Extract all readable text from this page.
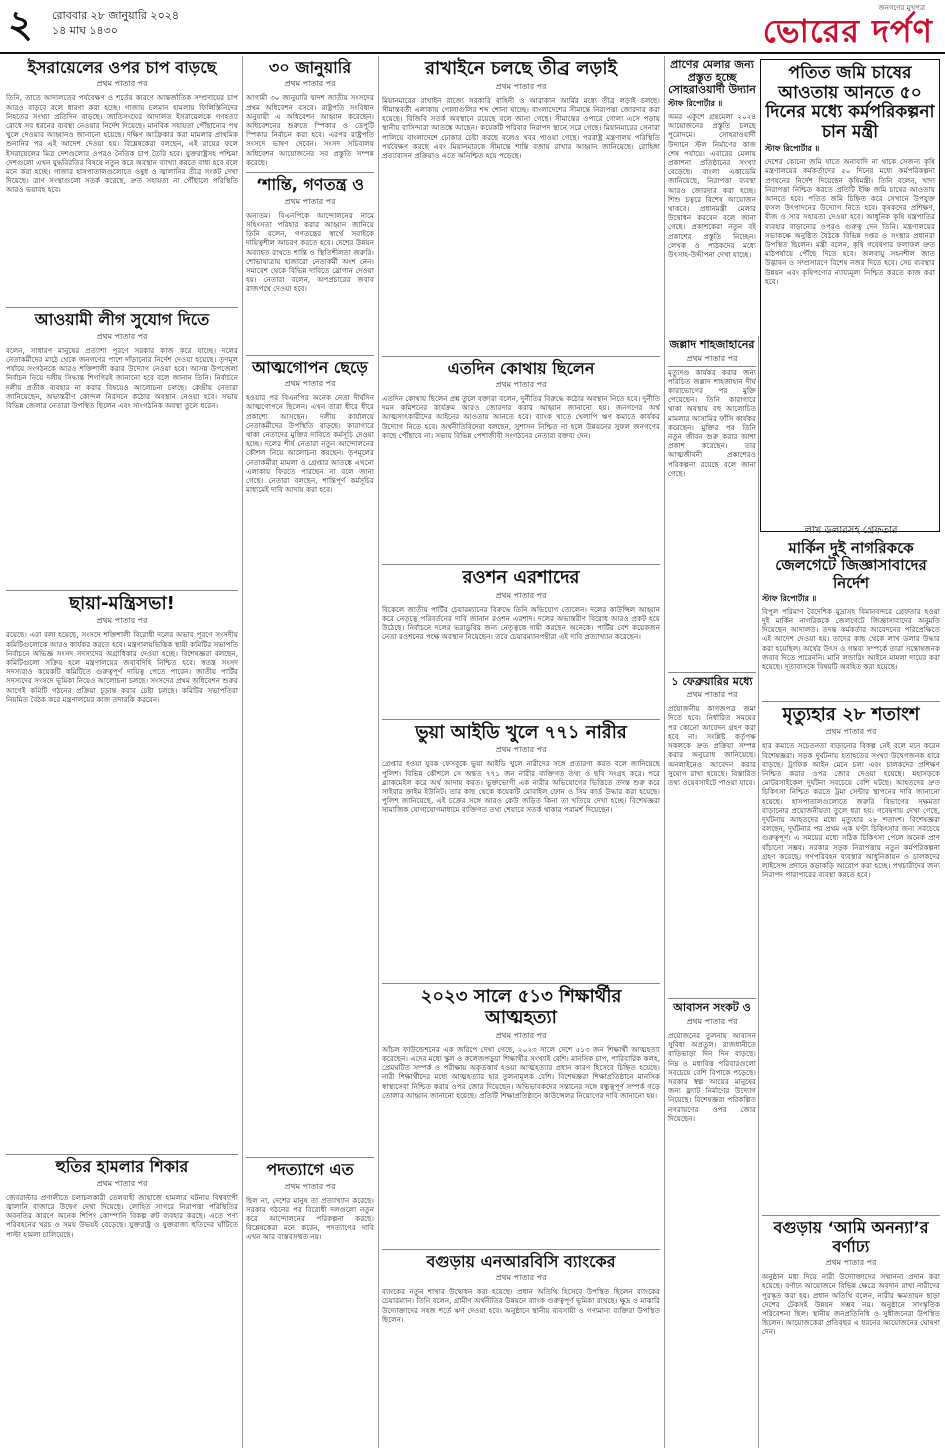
২	রোববার ২৮ জানুয়ারি ২০২৪
১৪ মাঘ ১৪৩০
জনগণের মুখপত্র
ভোরের দর্পণ
ইসরায়েলের ওপর চাপ বাড়ছে
প্রথম পাতার পর

তিনি, তাতে আদালতের পর্যবেক্ষণ ও শর্তের কারণে আন্তর্জাতিক সম্প্রদায়ের চাপ আরও বাড়বে বলে ধারণা করা হচ্ছে। গাজায় চলমান হামলায় ফিলিস্তিনিদের নিহতের সংখ্যা প্রতিদিন বাড়ছে। জাতিসংঘের আদালত ইসরায়েলকে গণহত্যা রোধে সব ধরনের ব্যবস্থা নেওয়ার নির্দেশ দিয়েছে। মানবিক সহায়তা পৌঁছানোর পথ খুলে দেওয়ার আহ্বানও জানানো হয়েছে। দক্ষিণ আফ্রিকার করা মামলার প্রাথমিক শুনানির পর এই আদেশ দেওয়া হয়। বিশ্লেষকেরা বলছেন, এই রায়ের ফলে ইসরায়েলের মিত্র দেশগুলোর ওপরও নৈতিক চাপ তৈরি হবে। যুক্তরাষ্ট্রসহ পশ্চিমা দেশগুলো এখন যুদ্ধবিরতির বিষয়ে নতুন করে অবস্থান ব্যাখ্যা করতে বাধ্য হবে বলে মনে করা হচ্ছে। গাজার হাসপাতালগুলোতে ওষুধ ও জ্বালানির তীব্র সংকট দেখা দিয়েছে। ত্রাণ সংস্থাগুলো সতর্ক করেছে, দ্রুত সহায়তা না পৌঁছালে পরিস্থিতি আরও ভয়াবহ হবে।

আওয়ামী লীগ সুযোগ দিতে
প্রথম পাতার পর

বলেন, সাধারণ মানুষের প্রত্যাশা পূরণে সরকার কাজ করে যাচ্ছে। দলের নেতাকর্মীদের মাঠে থেকে জনগণের পাশে দাঁড়ানোর নির্দেশ দেওয়া হয়েছে। তৃণমূল পর্যায়ে সংগঠনকে আরও শক্তিশালী করার উদ্যোগ নেওয়া হবে। আসন্ন উপজেলা নির্বাচন নিয়ে দলীয় সিদ্ধান্ত শিগগিরই জানানো হবে বলে জানান তিনি। নির্বাচনে দলীয় প্রতীক ব্যবহার না করার বিষয়েও আলোচনা চলছে। কেন্দ্রীয় নেতারা জানিয়েছেন, অভ্যন্তরীণ কোন্দল নিরসনে কঠোর অবস্থান নেওয়া হবে। সভায় বিভিন্ন জেলার নেতারা উপস্থিত ছিলেন এবং সাংগঠনিক অবস্থা তুলে ধরেন।

ছায়া-মন্ত্রিসভা!
প্রথম পাতার পর

রয়েছে। এরা বলা হয়েছে, সংসদে শক্তিশালী বিরোধী দলের অভাব পূরণে সংসদীয় কমিটিগুলোকে আরও কার্যকর করতে হবে। মন্ত্রণালয়ভিত্তিক স্থায়ী কমিটির সভাপতি নির্বাচনে অভিজ্ঞ সংসদ সদস্যদের অগ্রাধিকার দেওয়া হচ্ছে। বিশেষজ্ঞরা বলছেন, কমিটিগুলো সক্রিয় হলে মন্ত্রণালয়ের জবাবদিহি নিশ্চিত হবে। স্বতন্ত্র সংসদ সদস্যরাও কয়েকটি কমিটিতে গুরুত্বপূর্ণ দায়িত্ব পেতে পারেন। জাতীয় পার্টির সদস্যদের সংসদে ভূমিকা নিয়েও আলোচনা চলছে। সংসদের প্রথম অধিবেশন শুরুর আগেই কমিটি গঠনের প্রক্রিয়া চূড়ান্ত করার চেষ্টা চলছে। কমিটির সভাপতিরা নিয়মিত বৈঠক করে মন্ত্রণালয়ের কাজ তদারকি করবেন।

হুতির হামলার শিকার
প্রথম পাতার পর

জেবরাল্টার প্রণালীতে চলাচলকারী তেলবাহী জাহাজে হামলার ঘটনায় বিশ্বব্যাপী জ্বালানি বাজারে উদ্বেগ দেখা দিয়েছে। লোহিত সাগরে নিরাপত্তা পরিস্থিতির অবনতির কারণে অনেক শিপিং কোম্পানি বিকল্প রুট ব্যবহার করছে। এতে পণ্য পরিবহনের খরচ ও সময় উভয়ই বেড়েছে। যুক্তরাষ্ট্র ও যুক্তরাজ্য হুতিদের ঘাঁটিতে পাল্টা হামলা চালিয়েছে।

৩০ জানুয়ারি
প্রথম পাতার পর

আগামী ৩০ জানুয়ারি দ্বাদশ জাতীয় সংসদের প্রথম অধিবেশন বসবে। রাষ্ট্রপতি সংবিধান অনুযায়ী এ অধিবেশন আহ্বান করেছেন। অধিবেশনের শুরুতে স্পিকার ও ডেপুটি স্পিকার নির্বাচন করা হবে। এরপর রাষ্ট্রপতি সংসদে ভাষণ দেবেন। সংসদ সচিবালয় অধিবেশন আয়োজনের সব প্রস্তুতি সম্পন্ন করেছে।

‘শান্তি, গণতন্ত্র ও
প্রথম পাতার পর

অন্যতম। বিএনপিকে আন্দোলনের নামে সহিংসতা পরিহার করার আহ্বান জানিয়ে তিনি বলেন, গণতন্ত্রের স্বার্থে সবাইকে দায়িত্বশীল আচরণ করতে হবে। দেশের উন্নয়ন অব্যাহত রাখতে শান্তি ও স্থিতিশীলতা জরুরি। শোভাযাত্রায় হাজারো নেতাকর্মী অংশ নেন। সমাবেশ থেকে বিভিন্ন দাবিতে স্লোগান দেওয়া হয়। নেতারা বলেন, অপপ্রচারের জবাব রাজপথে দেওয়া হবে।

আত্মগোপন ছেড়ে
প্রথম পাতার পর

হওয়ার পর বিএনপির অনেক নেতা দীর্ঘদিন আত্মগোপনে ছিলেন। এখন তারা ধীরে ধীরে প্রকাশ্যে আসছেন। দলীয় কার্যালয়ে নেতাকর্মীদের উপস্থিতি বাড়ছে। কারাগারে থাকা নেতাদের মুক্তির দাবিতে কর্মসূচি দেওয়া হচ্ছে। দলের শীর্ষ নেতারা নতুন আন্দোলনের কৌশল নিয়ে আলোচনা করছেন। তৃণমূলের নেতাকর্মীরা মামলা ও গ্রেপ্তার আতঙ্কে এখনো এলাকায় ফিরতে পারছেন না বলে জানা গেছে। নেতারা বলছেন, শান্তিপূর্ণ কর্মসূচির মাধ্যমেই দাবি আদায় করা হবে।

পদত্যাগে এত
প্রথম পাতার পর

ছিল না, দেশের মানুষ তা প্রত্যাখ্যান করেছে। সরকার গঠনের পর বিরোধী দলগুলো নতুন করে আন্দোলনের পরিকল্পনা করছে। বিশ্লেষকেরা মনে করেন, পদত্যাগের দাবি এখন আর বাস্তবসম্মত নয়।

রাখাইনে চলছে তীব্র লড়াই
প্রথম পাতার পর

মিয়ানমারের রাখাইন রাজ্যে সরকারি বাহিনী ও আরাকান আর্মির মধ্যে তীব্র লড়াই চলছে। সীমান্তবর্তী এলাকায় গোলাগুলির শব্দ শোনা যাচ্ছে। বাংলাদেশের সীমান্তে নিরাপত্তা জোরদার করা হয়েছে। বিজিবি সতর্ক অবস্থানে রয়েছে বলে জানা গেছে। সীমান্তের ওপারে গোলা এসে পড়ায় স্থানীয় বাসিন্দারা আতঙ্কে আছেন। কয়েকটি পরিবার নিরাপদ স্থানে সরে গেছে। মিয়ানমারের সেনারা পালিয়ে বাংলাদেশে ঢোকার চেষ্টা করছে বলেও খবর পাওয়া গেছে। পররাষ্ট্র মন্ত্রণালয় পরিস্থিতি পর্যবেক্ষণ করছে এবং মিয়ানমারকে সীমান্তে শান্তি বজায় রাখার আহ্বান জানিয়েছে। রোহিঙ্গা প্রত্যাবাসন প্রক্রিয়াও এতে অনিশ্চিত হয়ে পড়েছে।

এতদিন কোথায় ছিলেন
প্রথম পাতার পর

এতদিন কোথায় ছিলেন প্রশ্ন তুলে বক্তারা বলেন, দুর্নীতির বিরুদ্ধে কঠোর অবস্থান নিতে হবে। দুর্নীতি দমন কমিশনের কার্যক্রম আরও জোরদার করার আহ্বান জানানো হয়। জনগণের অর্থ আত্মসাৎকারীদের আইনের আওতায় আনতে হবে। ব্যাংক খাতে খেলাপি ঋণ কমাতে কার্যকর উদ্যোগ নিতে হবে। অর্থনীতিবিদেরা বলছেন, সুশাসন নিশ্চিত না হলে উন্নয়নের সুফল জনগণের কাছে পৌঁছাবে না। সভায় বিভিন্ন পেশাজীবী সংগঠনের নেতারা বক্তব্য দেন।

রওশন এরশাদের
প্রথম পাতার পর

বিকেলে জাতীয় পার্টির চেয়ারম্যানের বিরুদ্ধে তিনি অভিযোগ তোলেন। দলের কাউন্সিল আহ্বান করে নেতৃত্বে পরিবর্তনের দাবি জানান রওশন এরশাদ। দলের অভ্যন্তরীণ বিরোধ আরও প্রকট হয়ে উঠেছে। নির্বাচনে দলের ভরাডুবির জন্য নেতৃত্বকে দায়ী করছেন অনেকে। পার্টির বেশ কয়েকজন নেতা রওশনের পক্ষে অবস্থান নিয়েছেন। তবে চেয়ারম্যানপন্থীরা এই দাবি প্রত্যাখ্যান করেছেন।

ভুয়া আইডি খুলে ৭৭১ নারীর
প্রথম পাতার পর

গ্রেপ্তার হওয়া যুবক ফেসবুকে ভুয়া আইডি খুলে নারীদের সঙ্গে প্রতারণা করত বলে জানিয়েছে পুলিশ। বিভিন্ন কৌশলে সে অন্তত ৭৭১ জন নারীর ব্যক্তিগত তথ্য ও ছবি সংগ্রহ করে। পরে ব্ল্যাকমেইল করে অর্থ আদায় করত। ভুক্তভোগী এক নারীর অভিযোগের ভিত্তিতে তদন্ত শুরু করে সাইবার ক্রাইম ইউনিট। তার কাছ থেকে কয়েকটি মোবাইল ফোন ও সিম কার্ড উদ্ধার করা হয়েছে। পুলিশ জানিয়েছে, এই চক্রের সঙ্গে আরও কেউ জড়িত কিনা তা খতিয়ে দেখা হচ্ছে। বিশেষজ্ঞরা সামাজিক যোগাযোগমাধ্যমে ব্যক্তিগত তথ্য শেয়ারে সতর্ক থাকার পরামর্শ দিয়েছেন।

২০২৩ সালে ৫১৩ শিক্ষার্থীর আত্মহত্যা
প্রথম পাতার পর

আঁচল ফাউন্ডেশনের এক জরিপে দেখা গেছে, ২০২৩ সালে দেশে ৫১৩ জন শিক্ষার্থী আত্মহত্যা করেছেন। এদের মধ্যে স্কুল ও কলেজপড়ুয়া শিক্ষার্থীর সংখ্যাই বেশি। মানসিক চাপ, পারিবারিক কলহ, প্রেমঘটিত সম্পর্ক ও পরীক্ষায় অকৃতকার্য হওয়া আত্মহত্যার প্রধান কারণ হিসেবে চিহ্নিত হয়েছে। নারী শিক্ষার্থীদের মধ্যে আত্মহত্যার হার তুলনামূলক বেশি। বিশেষজ্ঞরা শিক্ষাপ্রতিষ্ঠানে মানসিক স্বাস্থ্যসেবা নিশ্চিত করার ওপর জোর দিয়েছেন। অভিভাবকদের সন্তানের সঙ্গে বন্ধুত্বপূর্ণ সম্পর্ক গড়ে তোলার আহ্বান জানানো হয়েছে। প্রতিটি শিক্ষাপ্রতিষ্ঠানে কাউন্সেলর নিয়োগের দাবি জানানো হয়।

বগুড়ায় এনআরবিসি ব্যাংকের
প্রথম পাতার পর

ব্যাংকের নতুন শাখার উদ্বোধন করা হয়েছে। প্রধান অতিথি হিসেবে উপস্থিত ছিলেন ব্যাংকের চেয়ারম্যান। তিনি বলেন, গ্রামীণ অর্থনীতির উন্নয়নে ব্যাংক গুরুত্বপূর্ণ ভূমিকা রাখছে। ক্ষুদ্র ও মাঝারি উদ্যোক্তাদের সহজ শর্তে ঋণ দেওয়া হবে। অনুষ্ঠানে স্থানীয় ব্যবসায়ী ও গণ্যমান্য ব্যক্তিরা উপস্থিত ছিলেন।

প্রাণের মেলার জন্য প্রস্তুত হচ্ছে সোহরাওয়ার্দী উদ্যান
স্টাফ রিপোর্টার ॥

অমর একুশে গ্রন্থমেলা ২০২৪ আয়োজনের প্রস্তুতি চলছে পুরোদমে। সোহরাওয়ার্দী উদ্যানে স্টল নির্মাণের কাজ শেষ পর্যায়ে। এবারের মেলায় প্রকাশনা প্রতিষ্ঠানের সংখ্যা বেড়েছে। বাংলা একাডেমি জানিয়েছে, নিরাপত্তা ব্যবস্থা আরও জোরদার করা হচ্ছে। শিশু চত্বরে বিশেষ আয়োজন থাকবে। প্রধানমন্ত্রী মেলার উদ্বোধন করবেন বলে জানা গেছে। প্রকাশকেরা নতুন বই প্রকাশের প্রস্তুতি নিচ্ছেন। লেখক ও পাঠকদের মধ্যে উৎসাহ-উদ্দীপনা দেখা যাচ্ছে।

পতিত জমি চাষের আওতায় আনতে ৫০ দিনের মধ্যে কর্মপরিকল্পনা চান মন্ত্রী
স্টাফ রিপোর্টার ॥

দেশের কোনো জমি যাতে অনাবাদি না থাকে সেজন্য কৃষি মন্ত্রণালয়ের কর্মকর্তাদের ৫০ দিনের মধ্যে কর্মপরিকল্পনা প্রণয়নের নির্দেশ দিয়েছেন কৃষিমন্ত্রী। তিনি বলেন, খাদ্য নিরাপত্তা নিশ্চিত করতে প্রতিটি ইঞ্চি জমি চাষের আওতায় আনতে হবে। পতিত জমি চিহ্নিত করে সেখানে উপযুক্ত ফসল উৎপাদনের উদ্যোগ নিতে হবে। কৃষকদের প্রশিক্ষণ, বীজ ও সার সহায়তা দেওয়া হবে। আধুনিক কৃষি যন্ত্রপাতির ব্যবহার বাড়ানোর ওপরও গুরুত্ব দেন তিনি। মন্ত্রণালয়ের সভাকক্ষে অনুষ্ঠিত বৈঠকে বিভিন্ন দপ্তর ও সংস্থার প্রধানরা উপস্থিত ছিলেন। মন্ত্রী বলেন, কৃষি গবেষণার ফলাফল দ্রুত মাঠপর্যায়ে পৌঁছে দিতে হবে। জলবায়ু সহনশীল জাত উদ্ভাবন ও সম্প্রসারণে বিশেষ নজর দিতে হবে। সেচ ব্যবস্থার উন্নয়ন এবং কৃষিপণ্যের ন্যায্যমূল্য নিশ্চিত করতে কাজ করা হবে।

জল্লাদ শাহজাহানের
প্রথম পাতার পর

মৃত্যুদণ্ড কার্যকর করার জন্য পরিচিত জল্লাদ শাহজাহান দীর্ঘ কারাভোগের পর মুক্তি পেয়েছেন। তিনি কারাগারে থাকা অবস্থায় বহু আলোচিত মামলার আসামির ফাঁসি কার্যকর করেছেন। মুক্তির পর তিনি নতুন জীবন শুরু করার আশা প্রকাশ করেছেন। তার আত্মজীবনী প্রকাশেরও পরিকল্পনা রয়েছে বলে জানা গেছে।

১ ফেব্রুয়ারির মধ্যে
প্রথম পাতার পর

প্রয়োজনীয় কাগজপত্র জমা দিতে হবে। নির্ধারিত সময়ের পর কোনো আবেদন গ্রহণ করা হবে না। সংশ্লিষ্ট কর্তৃপক্ষ সকলকে দ্রুত প্রক্রিয়া সম্পন্ন করার অনুরোধ জানিয়েছে। অনলাইনেও আবেদন করার সুযোগ রাখা হয়েছে। বিস্তারিত তথ্য ওয়েবসাইটে পাওয়া যাবে।

আবাসন সংকট ও
প্রথম পাতার পর

প্রয়োজনের তুলনায় আবাসন সুবিধা অপ্রতুল। রাজধানীতে বাড়িভাড়া দিন দিন বাড়ছে। নিম্ন ও মধ্যবিত্ত পরিবারগুলো সবচেয়ে বেশি বিপাকে পড়েছে। সরকার স্বল্প আয়ের মানুষের জন্য ফ্ল্যাট নির্মাণের উদ্যোগ নিয়েছে। বিশেষজ্ঞরা পরিকল্পিত নগরায়ণের ওপর জোর দিয়েছেন।

লাখ ডলারসহ গ্রেফতার
মার্কিন দুই নাগরিককে জেলগেটে জিজ্ঞাসাবাদের নির্দেশ
স্টাফ রিপোর্টার ॥

বিপুল পরিমাণ বৈদেশিক মুদ্রাসহ বিমানবন্দরে গ্রেফতার হওয়া দুই মার্কিন নাগরিককে জেলগেটে জিজ্ঞাসাবাদের অনুমতি দিয়েছেন আদালত। তদন্ত কর্মকর্তার আবেদনের পরিপ্রেক্ষিতে এই আদেশ দেওয়া হয়। তাদের কাছ থেকে লাখ ডলার উদ্ধার করা হয়েছিল। অর্থের উৎস ও গন্তব্য সম্পর্কে তারা সন্তোষজনক জবাব দিতে পারেননি। মানি লন্ডারিং আইনে মামলা দায়ের করা হয়েছে। দূতাবাসকে বিষয়টি অবহিত করা হয়েছে।

মৃত্যুহার ২৮ শতাংশ
প্রথম পাতার পর

হার কমাতে সচেতনতা বাড়ানোর বিকল্প নেই বলে মনে করেন বিশেষজ্ঞরা। সড়ক দুর্ঘটনায় হতাহতের সংখ্যা উদ্বেগজনক হারে বাড়ছে। ট্রাফিক আইন মেনে চলা এবং চালকদের প্রশিক্ষণ নিশ্চিত করার ওপর জোর দেওয়া হয়েছে। মহাসড়কে মোটরসাইকেল দুর্ঘটনা সবচেয়ে বেশি ঘটছে। আহতদের দ্রুত চিকিৎসা নিশ্চিত করতে ট্রমা সেন্টার স্থাপনের দাবি জানানো হয়েছে। হাসপাতালগুলোতে জরুরি বিভাগের সক্ষমতা বাড়ানোর প্রয়োজনীয়তা তুলে ধরা হয়। গবেষণায় দেখা গেছে, দুর্ঘটনায় আহতদের মধ্যে মৃত্যুহার ২৮ শতাংশ। বিশেষজ্ঞরা বলছেন, দুর্ঘটনার পর প্রথম এক ঘণ্টা চিকিৎসার জন্য সবচেয়ে গুরুত্বপূর্ণ। এ সময়ের মধ্যে সঠিক চিকিৎসা পেলে অনেক প্রাণ বাঁচানো সম্ভব। সরকার সড়ক নিরাপত্তায় নতুন কর্মপরিকল্পনা গ্রহণ করেছে। গণপরিবহন ব্যবস্থার আধুনিকায়ন ও চালকদের লাইসেন্স প্রদানে কড়াকড়ি আরোপ করা হচ্ছে। পথচারীদের জন্য নিরাপদ পারাপারের ব্যবস্থা করতে হবে।

বগুড়ায় ‘আমি অনন্যা’র বর্ণাঢ্য
প্রথম পাতার পর

অনুষ্ঠান মধ্য দিয়ে নারী উদ্যোক্তাদের সম্মাননা প্রদান করা হয়েছে। বর্ণাঢ্য আয়োজনে বিভিন্ন ক্ষেত্রে অবদান রাখা নারীদের পুরস্কৃত করা হয়। প্রধান অতিথি বলেন, নারীর ক্ষমতায়ন ছাড়া দেশের টেকসই উন্নয়ন সম্ভব নয়। অনুষ্ঠানে সাংস্কৃতিক পরিবেশনা ছিল। স্থানীয় জনপ্রতিনিধি ও সুধীজনেরা উপস্থিত ছিলেন। আয়োজকেরা প্রতিবছর এ ধরনের আয়োজনের ঘোষণা দেন।
